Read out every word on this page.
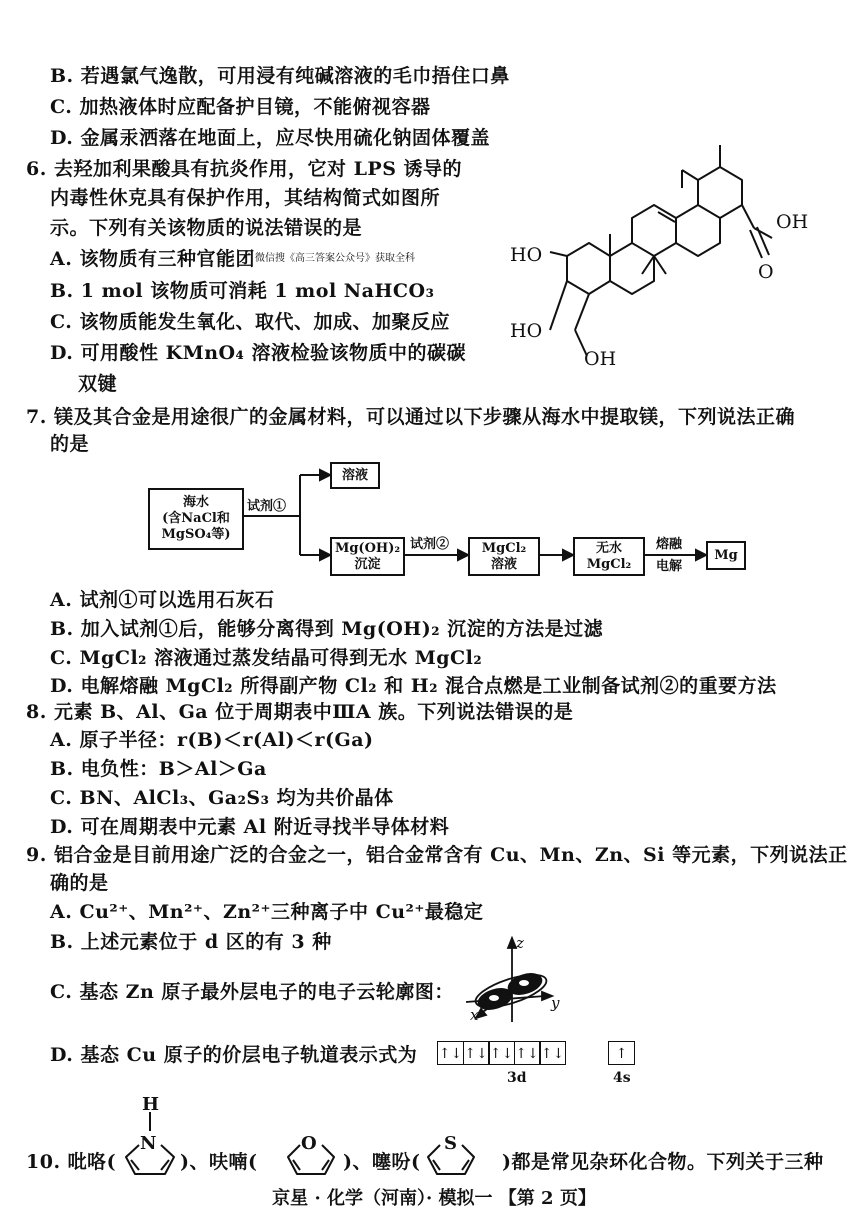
B. 若遇氯气逸散，可用浸有纯碱溶液的毛巾捂住口鼻
C. 加热液体时应配备护目镜，不能俯视容器
D. 金属汞洒落在地面上，应尽快用硫化钠固体覆盖
6. 去羟加利果酸具有抗炎作用，它对 LPS 诱导的
内毒性休克具有保护作用，其结构简式如图所
示。下列有关该物质的说法错误的是
A. 该物质有三种官能团$^{微信搜《高三答案公众号》获取全科}$
B. 1 mol 该物质可消耗 1 mol NaHCO₃
C. 该物质能发生氧化、取代、加成、加聚反应
D. 可用酸性 KMnO₄ 溶液检验该物质中的碳碳
双键
OH
O
HO
HO
OH
7. 镁及其合金是用途很广的金属材料，可以通过以下步骤从海水中提取镁，下列说法正确
的是
海水
(含NaCl和
MgSO₄等)
试剂①
溶液
Mg(OH)₂
沉淀
试剂②	MgCl₂
溶液
无水
MgCl₂
熔融
电解
Mg
A. 试剂①可以选用石灰石
B. 加入试剂①后，能够分离得到 Mg(OH)₂ 沉淀的方法是过滤
C. MgCl₂ 溶液通过蒸发结晶可得到无水 MgCl₂
D. 电解熔融 MgCl₂ 所得副产物 Cl₂ 和 H₂ 混合点燃是工业制备试剂②的重要方法
8. 元素 B、Al、Ga 位于周期表中ⅢA 族。下列说法错误的是
A. 原子半径：r(B)＜r(Al)＜r(Ga)
B. 电负性：B＞Al＞Ga
C. BN、AlCl₃、Ga₂S₃ 均为共价晶体
D. 可在周期表中元素 Al 附近寻找半导体材料
9. 铝合金是目前用途广泛的合金之一，铝合金常含有 Cu、Mn、Zn、Si 等元素，下列说法正
确的是
A. Cu²⁺、Mn²⁺、Zn²⁺三种离子中 Cu²⁺最稳定
B. 上述元素位于 d 区的有 3 种
C. 基态 Zn 原子最外层电子的电子云轮廓图：
z
y
x
D. 基态 Cu 原子的价层电子轨道表示式为 ↑↓ ↑↓ ↑↓ ↑↓ ↑↓	↑
3d	4s
10. 吡咯(	)、呋喃(	)、噻吩(	)都是常见杂环化合物。下列关于三种
H
N	O	S
京星 · 化学（河南）· 模拟一 【第 2 页】
